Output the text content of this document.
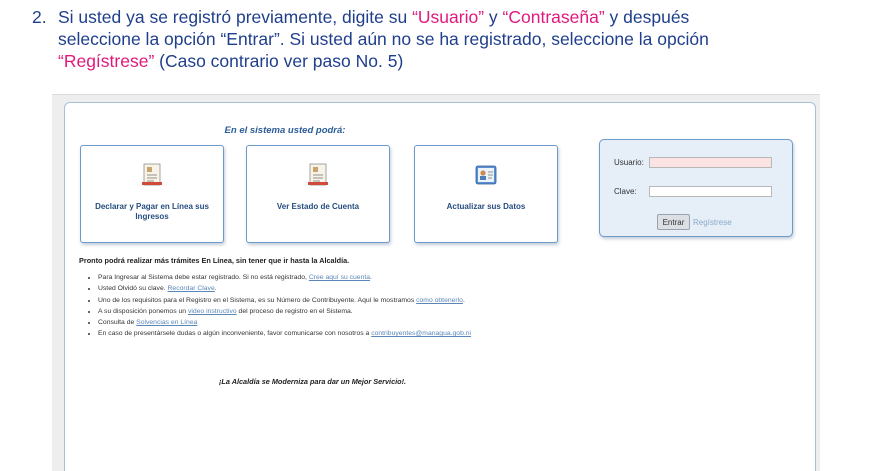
2. Si usted ya se registró previamente, digite su “Usuario” y “Contraseña” y después
seleccione la opción “Entrar”. Si usted aún no se ha registrado, seleccione la opción
“Regístrese” (Caso contrario ver paso No. 5)
En el sistema usted podrá:
Declarar y Pagar en Línea sus Ingresos
Ver Estado de Cuenta	Actualizar sus Datos
Usuario:
Clave:
Entrar	Regístrese
Pronto podrá realizar más trámites En Línea, sin tener que ir hasta la Alcaldía.
• Para Ingresar al Sistema debe estar registrado. Si no está registrado, Cree aquí su cuenta.
• Usted Olvidó su clave. Recordar Clave.
• Uno de los requisitos para el Registro en el Sistema, es su Número de Contribuyente. Aquí le mostramos como obtenerlo.
• A su disposición ponemos un video instructivo del proceso de registro en el Sistema.
• Consulta de Solvencias en Línea
• En caso de presentársele dudas o algún inconveniente, favor comunicarse con nosotros a contribuyentes@managua.gob.ni
¡La Alcaldía se Moderniza para dar un Mejor Servicio!.
